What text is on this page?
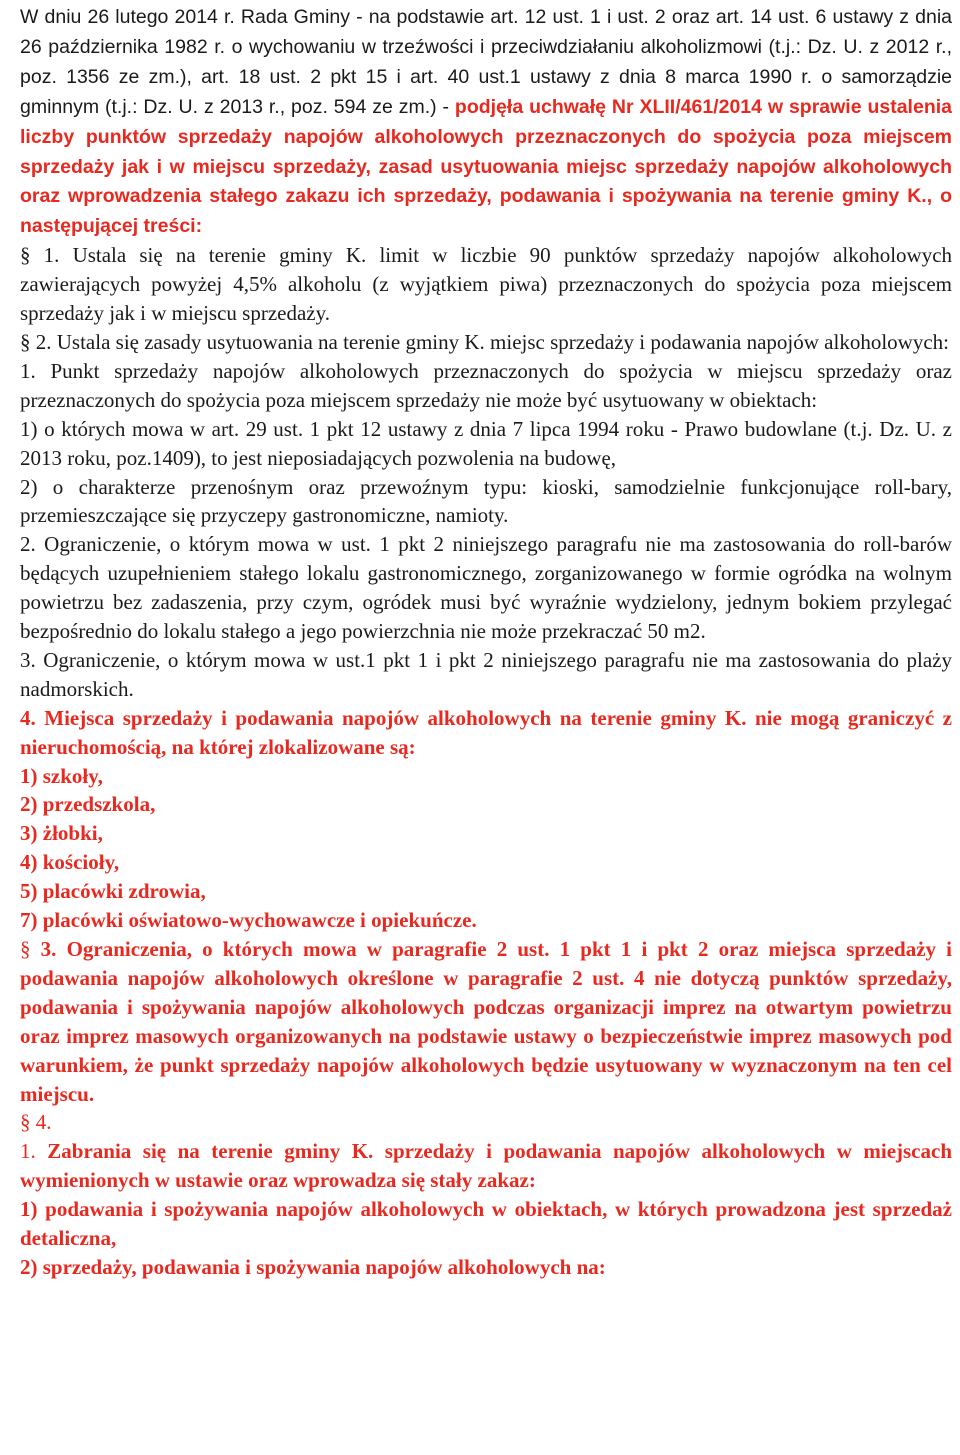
W dniu 26 lutego 2014 r. Rada Gminy - na podstawie art. 12 ust. 1 i ust. 2 oraz art. 14 ust. 6 ustawy z dnia 26 października 1982 r. o wychowaniu w trzeźwości i przeciwdziałaniu alkoholizmowi (t.j.: Dz. U. z 2012 r., poz. 1356 ze zm.), art. 18 ust. 2 pkt 15 i art. 40 ust.1 ustawy z dnia 8 marca 1990 r. o samorządzie gminnym (t.j.: Dz. U. z 2013 r., poz. 594 ze zm.) - podjęła uchwałę Nr XLII/461/2014 w sprawie ustalenia liczby punktów sprzedaży napojów alkoholowych przeznaczonych do spożycia poza miejscem sprzedaży jak i w miejscu sprzedaży, zasad usytuowania miejsc sprzedaży napojów alkoholowych oraz wprowadzenia stałego zakazu ich sprzedaży, podawania i spożywania na terenie gminy K., o następującej treści:

§ 1. Ustala się na terenie gminy K. limit w liczbie 90 punktów sprzedaży napojów alkoholowych zawierających powyżej 4,5% alkoholu (z wyjątkiem piwa) przeznaczonych do spożycia poza miejscem sprzedaży jak i w miejscu sprzedaży.

§ 2. Ustala się zasady usytuowania na terenie gminy K. miejsc sprzedaży i podawania napojów alkoholowych:

1. Punkt sprzedaży napojów alkoholowych przeznaczonych do spożycia w miejscu sprzedaży oraz przeznaczonych do spożycia poza miejscem sprzedaży nie może być usytuowany w obiektach:

1) o których mowa w art. 29 ust. 1 pkt 12 ustawy z dnia 7 lipca 1994 roku - Prawo budowlane (t.j. Dz. U. z 2013 roku, poz.1409), to jest nieposiadających pozwolenia na budowę,

2) o charakterze przenośnym oraz przewoźnym typu: kioski, samodzielnie funkcjonujące roll-bary, przemieszczające się przyczepy gastronomiczne, namioty.

2. Ograniczenie, o którym mowa w ust. 1 pkt 2 niniejszego paragrafu nie ma zastosowania do roll-barów będących uzupełnieniem stałego lokalu gastronomicznego, zorganizowanego w formie ogródka na wolnym powietrzu bez zadaszenia, przy czym, ogródek musi być wyraźnie wydzielony, jednym bokiem przylegać bezpośrednio do lokalu stałego a jego powierzchnia nie może przekraczać 50 m2.

3. Ograniczenie, o którym mowa w ust.1 pkt 1 i pkt 2 niniejszego paragrafu nie ma zastosowania do plaży nadmorskich.

4. Miejsca sprzedaży i podawania napojów alkoholowych na terenie gminy K. nie mogą graniczyć z nieruchomością, na której zlokalizowane są:

1) szkoły,

2) przedszkola,

3) żłobki,

4) kościoły,

5) placówki zdrowia,

7) placówki oświatowo-wychowawcze i opiekuńcze.

§ 3. Ograniczenia, o których mowa w paragrafie 2 ust. 1 pkt 1 i pkt 2 oraz miejsca sprzedaży i podawania napojów alkoholowych określone w paragrafie 2 ust. 4 nie dotyczą punktów sprzedaży, podawania i spożywania napojów alkoholowych podczas organizacji imprez na otwartym powietrzu oraz imprez masowych organizowanych na podstawie ustawy o bezpieczeństwie imprez masowych pod warunkiem, że punkt sprzedaży napojów alkoholowych będzie usytuowany w wyznaczonym na ten cel miejscu.

§ 4.

1. Zabrania się na terenie gminy K. sprzedaży i podawania napojów alkoholowych w miejscach wymienionych w ustawie oraz wprowadza się stały zakaz:

1) podawania i spożywania napojów alkoholowych w obiektach, w których prowadzona jest sprzedaż detaliczna,

2) sprzedaży, podawania i spożywania napojów alkoholowych na:
